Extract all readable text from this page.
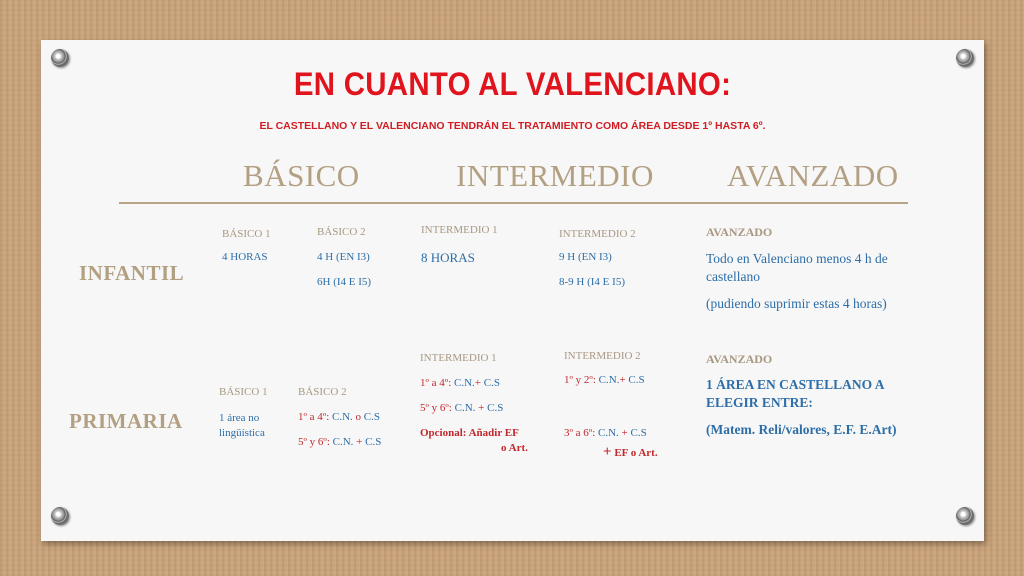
EN CUANTO AL VALENCIANO:
EL CASTELLANO Y EL VALENCIANO TENDRÁN EL TRATAMIENTO COMO ÁREA DESDE 1º HASTA 6º.
BÁSICO	INTERMEDIO AVANZADO
INFANTIL
BÁSICO 1
4 HORAS
BÁSICO 2
4 H (EN I3)
6H (I4 E I5)
INTERMEDIO 1
8 HORAS
INTERMEDIO 2
9 H (EN I3)
8-9 H (I4 E I5)
AVANZADO
Todo en Valenciano menos 4 h de
castellano
(pudiendo suprimir estas 4 horas)
PRIMARIA
BÁSICO 1
1 área no
lingüística
BÁSICO 2
1º a 4º: C.N. o C.S
5º y 6º: C.N. + C.S
INTERMEDIO 1
1º a 4º: C.N.+ C.S
5º y 6º: C.N. + C.S
Opcional: Añadir EF
o Art.
INTERMEDIO 2
1º y 2º: C.N.+ C.S
3º a 6º: C.N. + C.S
+ EF o Art.
AVANZADO
1 ÁREA EN CASTELLANO A
ELEGIR ENTRE:
(Matem. Reli/valores, E.F. E.Art)
